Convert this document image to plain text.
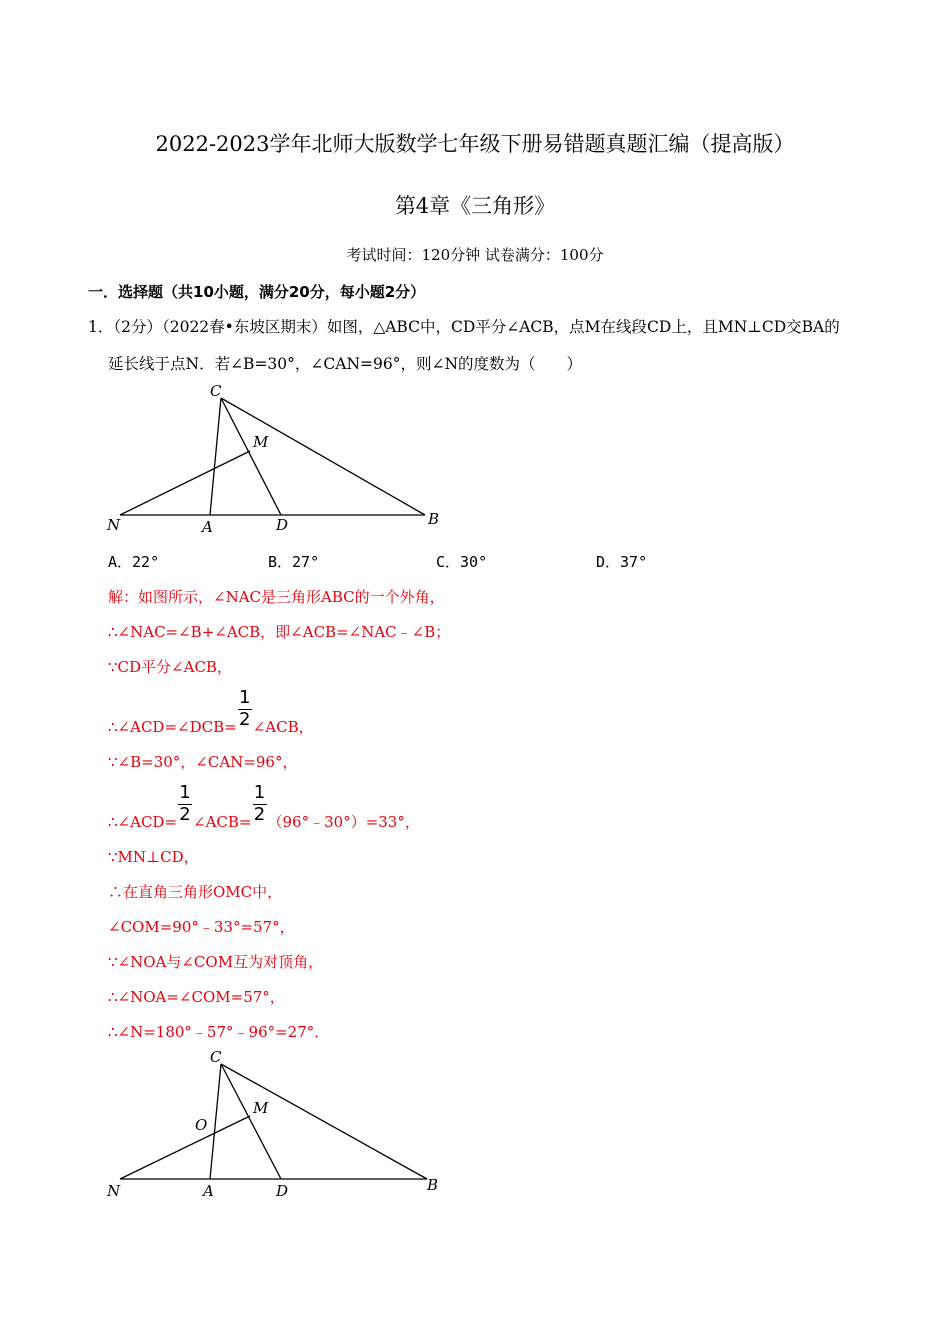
2022-2023学年北师大版数学七年级下册易错题真题汇编（提高版）
第4章《三角形》
考试时间：120分钟 试卷满分：100分
一．选择题（共10小题，满分20分，每小题2分）
1．（2分）（2022春•东坡区期末）如图，△ABC中，CD平分∠ACB，点M在线段CD上，且MN⊥CD交BA的
延长线于点N．若∠B=30°，∠CAN=96°，则∠N的度数为（　　）
C
M
N	A	D	B
A．22°	B．27°	C．30°	D．37°
解：如图所示，∠NAC是三角形ABC的一个外角，
∴∠NAC=∠B+∠ACB，即∠ACB=∠NAC﹣∠B；
∵CD平分∠ACB，
∴∠ACD=∠DCB= $\frac{1}{2}$ ∠ACB，
∵∠B=30°，∠CAN=96°，
∴∠ACD= $\frac{1}{2}$ ∠ACB= $\frac{1}{2}$ （96°﹣30°）=33°，
∵MN⊥CD，
∴在直角三角形OMC中，
∠COM=90°﹣33°=57°，
∵∠NOA与∠COM互为对顶角，
∴∠NOA=∠COM=57°，
∴∠N=180°﹣57°﹣96°=27°．
C
M
O
N	A	D	B
